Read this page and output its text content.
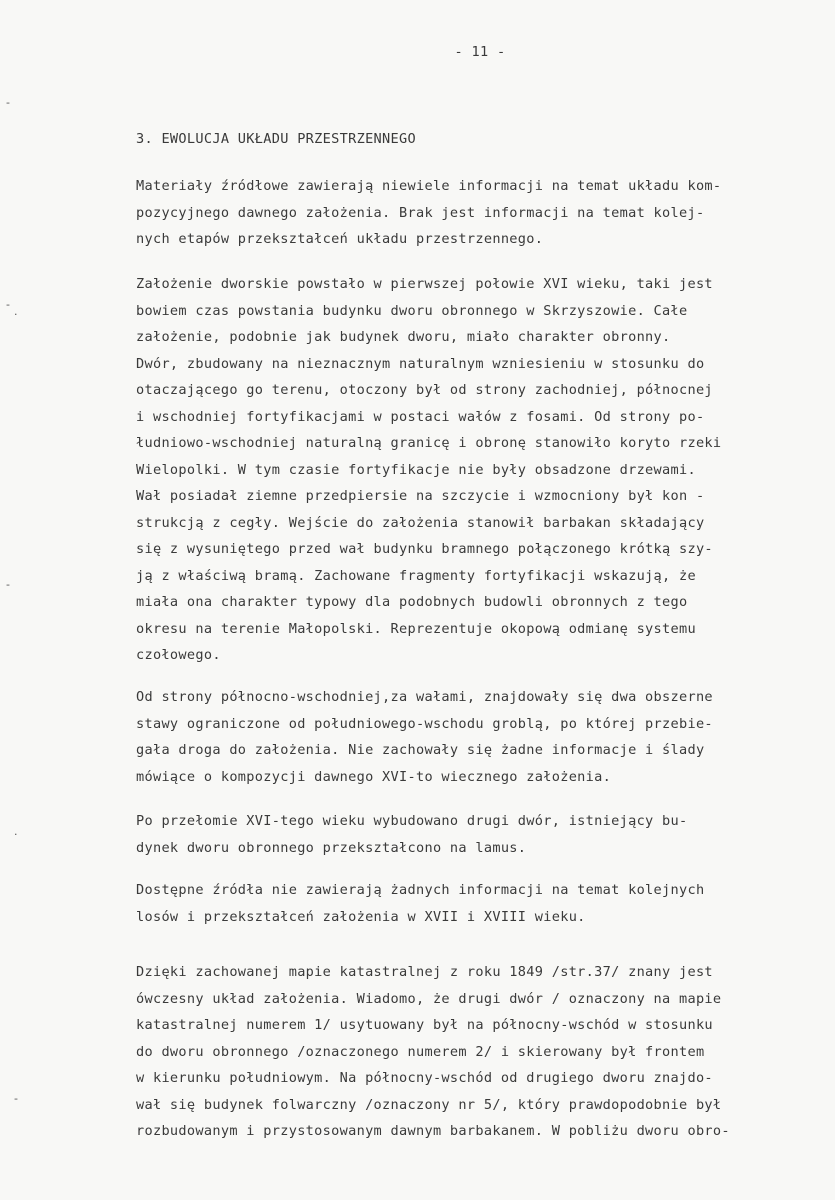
-
-
·
-
·
-
- 11 -
3. EWOLUCJA UKŁADU PRZESTRZENNEGO
Materiały źródłowe zawierają niewiele informacji na temat układu kom-
pozycyjnego dawnego założenia. Brak jest informacji na temat kolej-
nych etapów przekształceń układu przestrzennego.
Założenie dworskie powstało w pierwszej połowie XVI wieku, taki jest
bowiem czas powstania budynku dworu obronnego w Skrzyszowie. Całe
założenie, podobnie jak budynek dworu, miało charakter obronny.
Dwór, zbudowany na nieznacznym naturalnym wzniesieniu w stosunku do
otaczającego go terenu, otoczony był od strony zachodniej, północnej
i wschodniej fortyfikacjami w postaci wałów z fosami. Od strony po-
łudniowo-wschodniej naturalną granicę i obronę stanowiło koryto rzeki
Wielopolki. W tym czasie fortyfikacje nie były obsadzone drzewami.
Wał posiadał ziemne przedpiersie na szczycie i wzmocniony był kon -
strukcją z cegły. Wejście do założenia stanowił barbakan składający
się z wysuniętego przed wał budynku bramnego połączonego krótką szy-
ją z właściwą bramą. Zachowane fragmenty fortyfikacji wskazują, że
miała ona charakter typowy dla podobnych budowli obronnych z tego
okresu na terenie Małopolski. Reprezentuje okopową odmianę systemu
czołowego.
Od strony północno-wschodniej,za wałami, znajdowały się dwa obszerne
stawy ograniczone od południowego-wschodu groblą, po której przebie-
gała droga do założenia. Nie zachowały się żadne informacje i ślady
mówiące o kompozycji dawnego XVI-to wiecznego założenia.
Po przełomie XVI-tego wieku wybudowano drugi dwór, istniejący bu-
dynek dworu obronnego przekształcono na lamus.
Dostępne źródła nie zawierają żadnych informacji na temat kolejnych
losów i przekształceń założenia w XVII i XVIII wieku.
Dzięki zachowanej mapie katastralnej z roku 1849 /str.37/ znany jest
ówczesny układ założenia. Wiadomo, że drugi dwór / oznaczony na mapie
katastralnej numerem 1/ usytuowany był na północny-wschód w stosunku
do dworu obronnego /oznaczonego numerem 2/ i skierowany był frontem
w kierunku południowym. Na północny-wschód od drugiego dworu znajdo-
wał się budynek folwarczny /oznaczony nr 5/, który prawdopodobnie był
rozbudowanym i przystosowanym dawnym barbakanem. W pobliżu dworu obro-
